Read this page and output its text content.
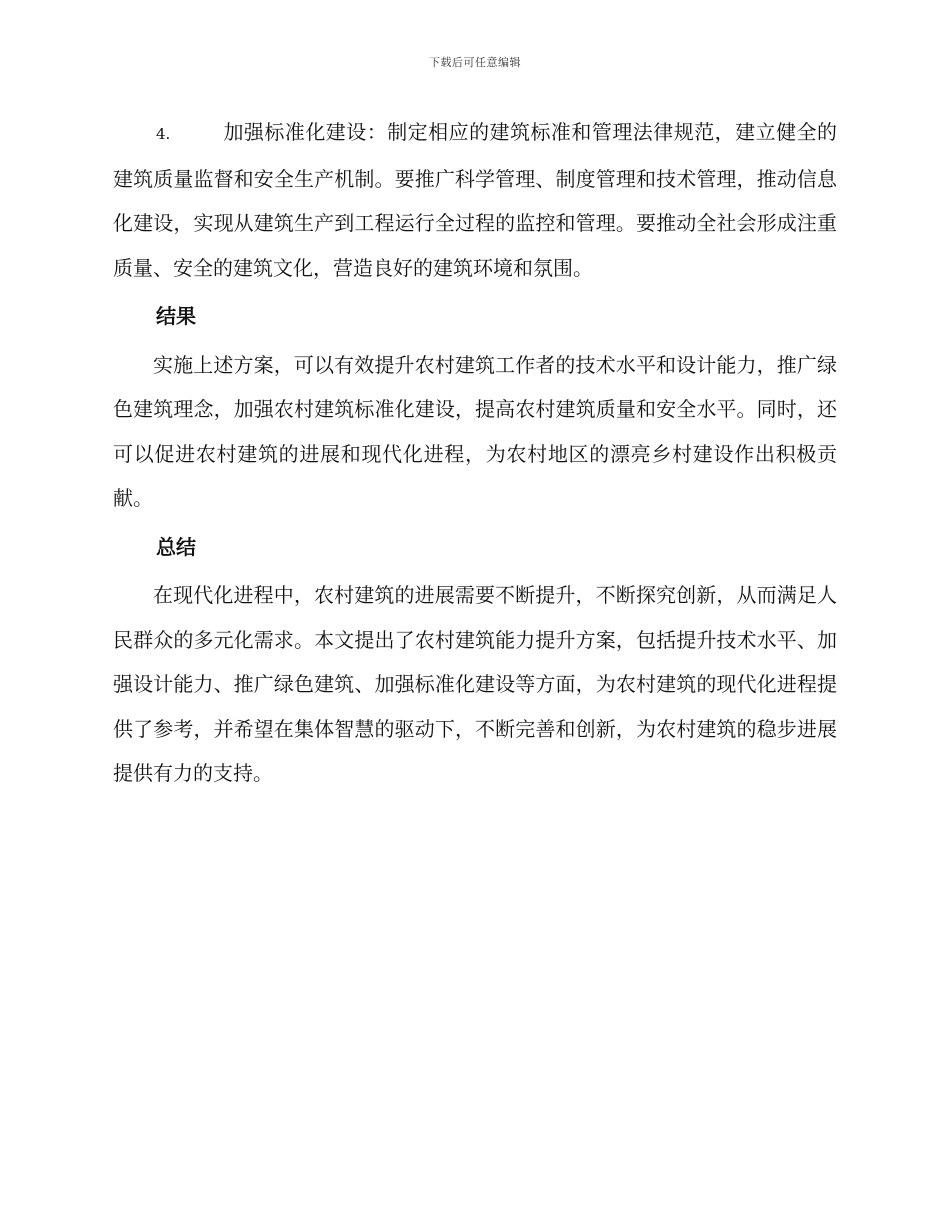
下载后可任意编辑

4.	加强标准化建设：制定相应的建筑标准和管理法律规范，建立健全的建筑质量监督和安全生产机制。要推广科学管理、制度管理和技术管理，推动信息化建设，实现从建筑生产到工程运行全过程的监控和管理。要推动全社会形成注重质量、安全的建筑文化，营造良好的建筑环境和氛围。

结果

实施上述方案，可以有效提升农村建筑工作者的技术水平和设计能力，推广绿色建筑理念，加强农村建筑标准化建设，提高农村建筑质量和安全水平。同时，还可以促进农村建筑的进展和现代化进程，为农村地区的漂亮乡村建设作出积极贡献。

总结

在现代化进程中，农村建筑的进展需要不断提升，不断探究创新，从而满足人民群众的多元化需求。本文提出了农村建筑能力提升方案，包括提升技术水平、加强设计能力、推广绿色建筑、加强标准化建设等方面，为农村建筑的现代化进程提供了参考，并希望在集体智慧的驱动下，不断完善和创新，为农村建筑的稳步进展提供有力的支持。
